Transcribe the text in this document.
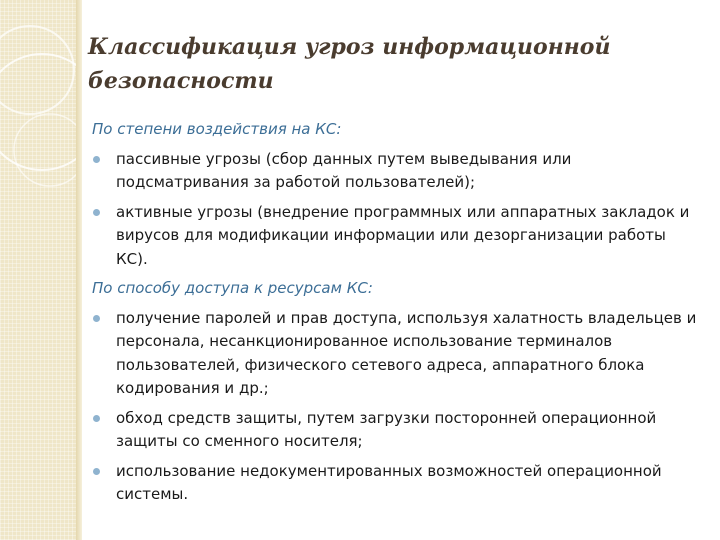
Классификация угроз информационной безопасности
По степени воздействия на КС:
пассивные угрозы (сбор данных путем выведывания или подсматривания за работой пользователей);
активные угрозы (внедрение программных или аппаратных закладок и вирусов для модификации информации или дезорганизации работы КС).
По способу доступа к ресурсам КС:
получение паролей и прав доступа, используя халатность владельцев и персонала, несанкционированное использование терминалов пользователей, физического сетевого адреса, аппаратного блока кодирования и др.;
обход средств защиты, путем загрузки посторонней операционной защиты со сменного носителя;
использование недокументированных возможностей операционной системы.
